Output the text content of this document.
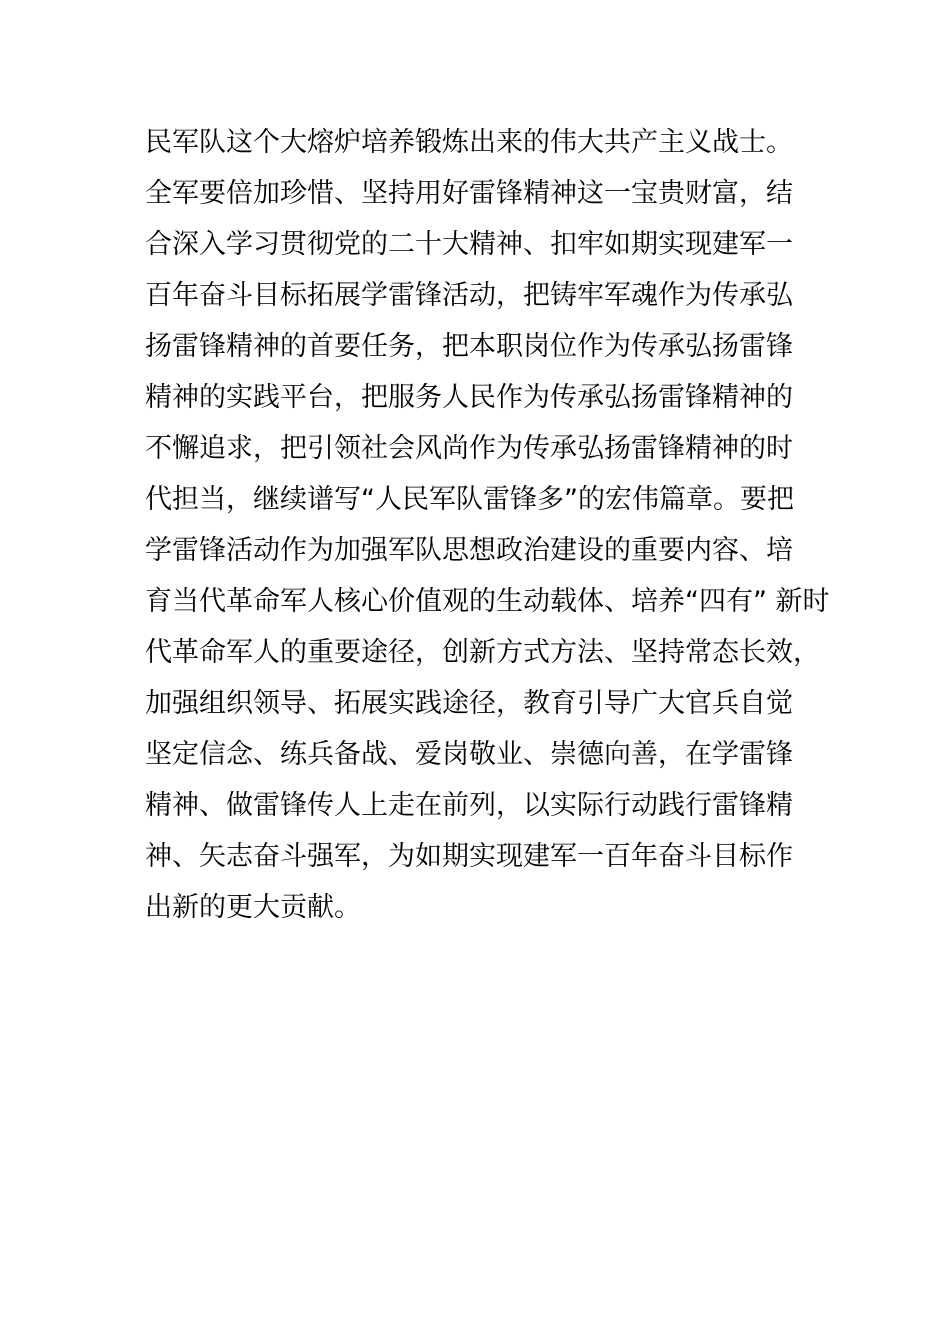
民军队这个大熔炉培养锻炼出来的伟大共产主义战士。
全军要倍加珍惜、坚持用好雷锋精神这一宝贵财富，结
合深入学习贯彻党的二十大精神、扣牢如期实现建军一
百年奋斗目标拓展学雷锋活动，把铸牢军魂作为传承弘
扬雷锋精神的首要任务，把本职岗位作为传承弘扬雷锋
精神的实践平台，把服务人民作为传承弘扬雷锋精神的
不懈追求，把引领社会风尚作为传承弘扬雷锋精神的时
代担当，继续谱写“人民军队雷锋多”的宏伟篇章。要把
学雷锋活动作为加强军队思想政治建设的重要内容、培
育当代革命军人核心价值观的生动载体、培养“四有” 新时
代革命军人的重要途径，创新方式方法、坚持常态长效，
加强组织领导、拓展实践途径，教育引导广大官兵自觉
坚定信念、练兵备战、爱岗敬业、崇德向善，在学雷锋
精神、做雷锋传人上走在前列，以实际行动践行雷锋精
神、矢志奋斗强军，为如期实现建军一百年奋斗目标作
出新的更大贡献。
